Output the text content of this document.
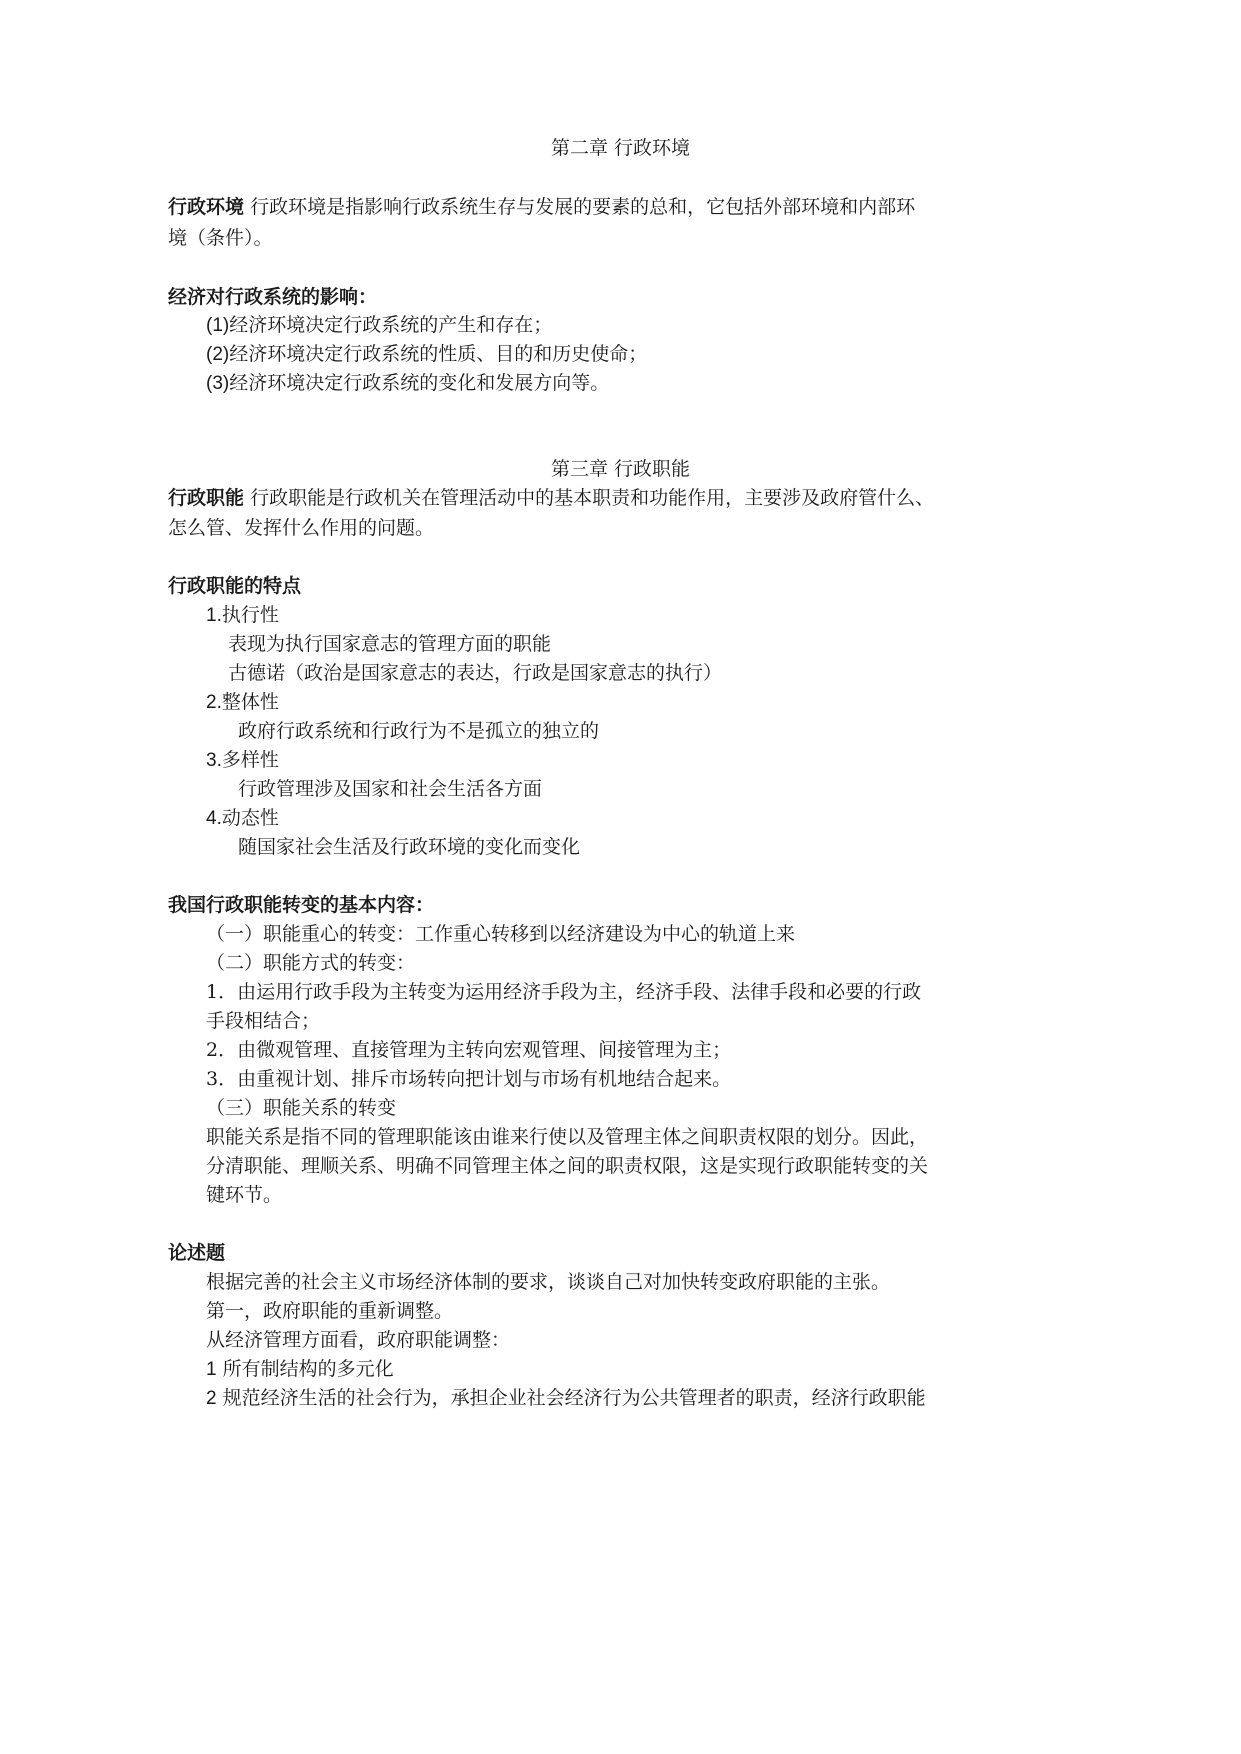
第二章 行政环境
行政环境 行政环境是指影响行政系统生存与发展的要素的总和，它包括外部环境和内部环
境（条件）。
经济对行政系统的影响：
(1)经济环境决定行政系统的产生和存在；
(2)经济环境决定行政系统的性质、目的和历史使命；
(3)经济环境决定行政系统的变化和发展方向等。
第三章 行政职能
行政职能 行政职能是行政机关在管理活动中的基本职责和功能作用，主要涉及政府管什么、
怎么管、发挥什么作用的问题。
行政职能的特点
1.执行性
表现为执行国家意志的管理方面的职能
古德诺（政治是国家意志的表达，行政是国家意志的执行）
2.整体性
政府行政系统和行政行为不是孤立的独立的
3.多样性
行政管理涉及国家和社会生活各方面
4.动态性
随国家社会生活及行政环境的变化而变化
我国行政职能转变的基本内容：
（一）职能重心的转变：工作重心转移到以经济建设为中心的轨道上来
（二）职能方式的转变：
1．由运用行政手段为主转变为运用经济手段为主，经济手段、法律手段和必要的行政
手段相结合；
2．由微观管理、直接管理为主转向宏观管理、间接管理为主；
3．由重视计划、排斥市场转向把计划与市场有机地结合起来。
（三）职能关系的转变
职能关系是指不同的管理职能该由谁来行使以及管理主体之间职责权限的划分。因此，
分清职能、理顺关系、明确不同管理主体之间的职责权限，这是实现行政职能转变的关
键环节。
论述题
根据完善的社会主义市场经济体制的要求，谈谈自己对加快转变政府职能的主张。
第一，政府职能的重新调整。
从经济管理方面看，政府职能调整：
1 所有制结构的多元化
2 规范经济生活的社会行为，承担企业社会经济行为公共管理者的职责，经济行政职能
